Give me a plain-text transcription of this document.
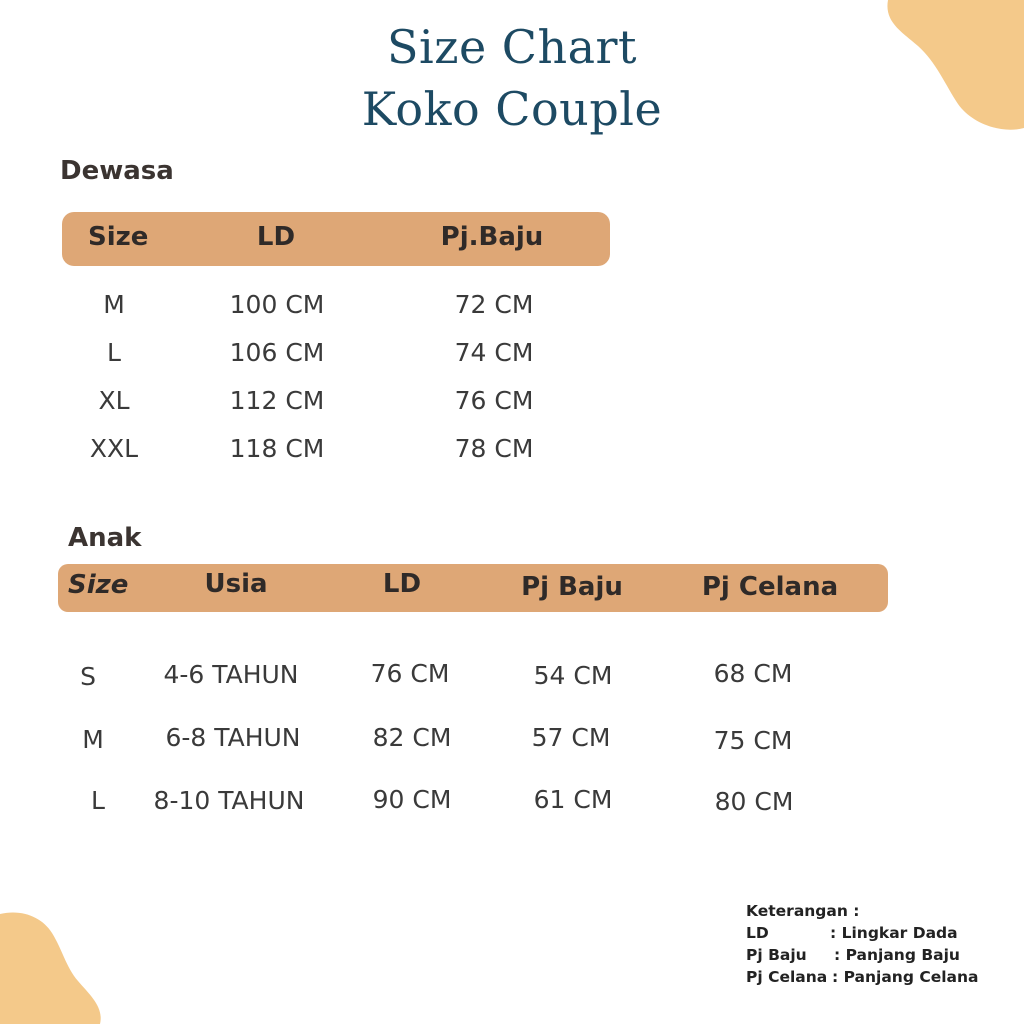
Size Chart
Koko Couple
Dewasa
Size	LD	Pj.Baju
M	100 CM	72 CM
L	106 CM	74 CM
XL	112 CM	76 CM
XXL	118 CM	78 CM
Anak
Size	Usia	LD	Pj Baju	Pj Celana
S	4-6 TAHUN	76 CM	54 CM	68 CM
M 6-8 TAHUN	82 CM	57 CM	75 CM
L 8-10 TAHUN	90 CM	61 CM	80 CM
Keterangan :
LD	: Lingkar Dada
Pj Baju : Panjang Baju
Pj Celana : Panjang Celana
